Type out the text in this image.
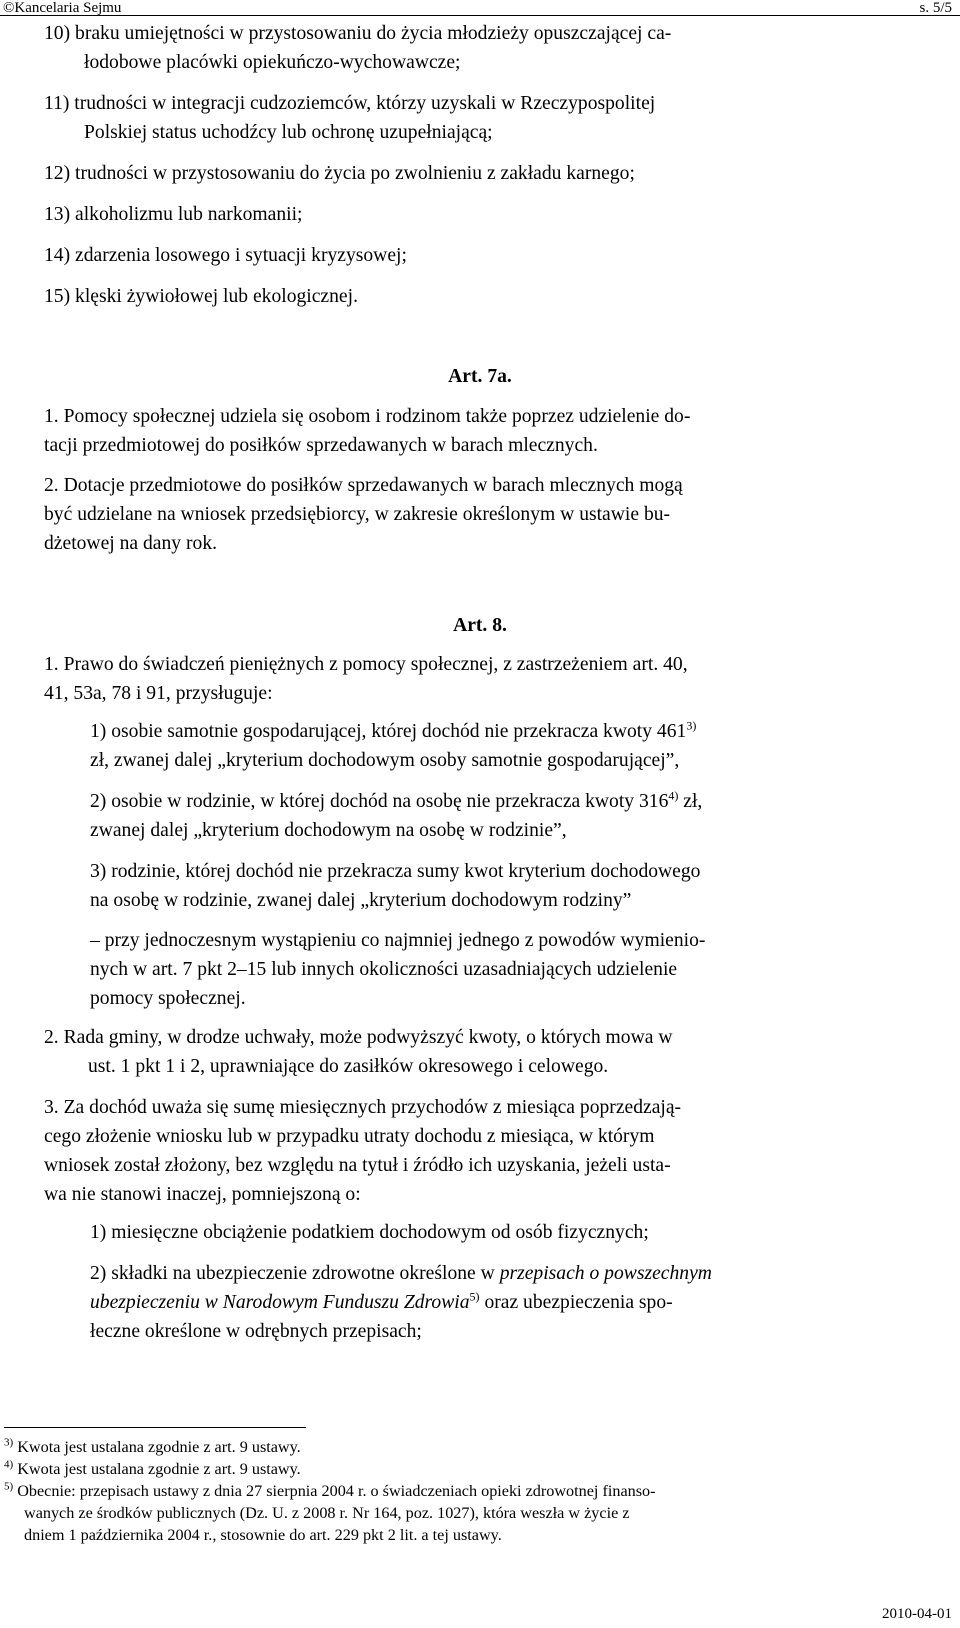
©Kancelaria Sejmu	s. 5/5
10) braku umiejętności w przystosowaniu do życia młodzieży opuszczającej ca-
łodobowe placówki opiekuńczo-wychowawcze;
11) trudności w integracji cudzoziemców, którzy uzyskali w Rzeczypospolitej
Polskiej status uchodźcy lub ochronę uzupełniającą;
12) trudności w przystosowaniu do życia po zwolnieniu z zakładu karnego;
13) alkoholizmu lub narkomanii;
14) zdarzenia losowego i sytuacji kryzysowej;
15) klęski żywiołowej lub ekologicznej.
Art. 7a.
1. Pomocy społecznej udziela się osobom i rodzinom także poprzez udzielenie do-
tacji przedmiotowej do posiłków sprzedawanych w barach mlecznych.
2. Dotacje przedmiotowe do posiłków sprzedawanych w barach mlecznych mogą
być udzielane na wniosek przedsiębiorcy, w zakresie określonym w ustawie bu-
dżetowej na dany rok.
Art. 8.
1. Prawo do świadczeń pieniężnych z pomocy społecznej, z zastrzeżeniem art. 40,
41, 53a, 78 i 91, przysługuje:
1) osobie samotnie gospodarującej, której dochód nie przekracza kwoty 461$^{3)}$
zł, zwanej dalej „kryterium dochodowym osoby samotnie gospodarującej”,
2) osobie w rodzinie, w której dochód na osobę nie przekracza kwoty 316$^{4)}$ zł,
zwanej dalej „kryterium dochodowym na osobę w rodzinie”,
3) rodzinie, której dochód nie przekracza sumy kwot kryterium dochodowego
na osobę w rodzinie, zwanej dalej „kryterium dochodowym rodziny”
– przy jednoczesnym wystąpieniu co najmniej jednego z powodów wymienio-
nych w art. 7 pkt 2–15 lub innych okoliczności uzasadniających udzielenie
pomocy społecznej.
2. Rada gminy, w drodze uchwały, może podwyższyć kwoty, o których mowa w
ust. 1 pkt 1 i 2, uprawniające do zasiłków okresowego i celowego.
3. Za dochód uważa się sumę miesięcznych przychodów z miesiąca poprzedzają-
cego złożenie wniosku lub w przypadku utraty dochodu z miesiąca, w którym
wniosek został złożony, bez względu na tytuł i źródło ich uzyskania, jeżeli usta-
wa nie stanowi inaczej, pomniejszoną o:
1) miesięczne obciążenie podatkiem dochodowym od osób fizycznych;
2) składki na ubezpieczenie zdrowotne określone w przepisach o powszechnym
ubezpieczeniu w Narodowym Funduszu Zdrowia$^{5)}$ oraz ubezpieczenia spo-
łeczne określone w odrębnych przepisach;
$^{3)}$ Kwota jest ustalana zgodnie z art. 9 ustawy.
$^{4)}$ Kwota jest ustalana zgodnie z art. 9 ustawy.
$^{5)}$ Obecnie: przepisach ustawy z dnia 27 sierpnia 2004 r. o świadczeniach opieki zdrowotnej finanso-
wanych ze środków publicznych (Dz. U. z 2008 r. Nr 164, poz. 1027), która weszła w życie z
dniem 1 października 2004 r., stosownie do art. 229 pkt 2 lit. a tej ustawy.
2010-04-01
